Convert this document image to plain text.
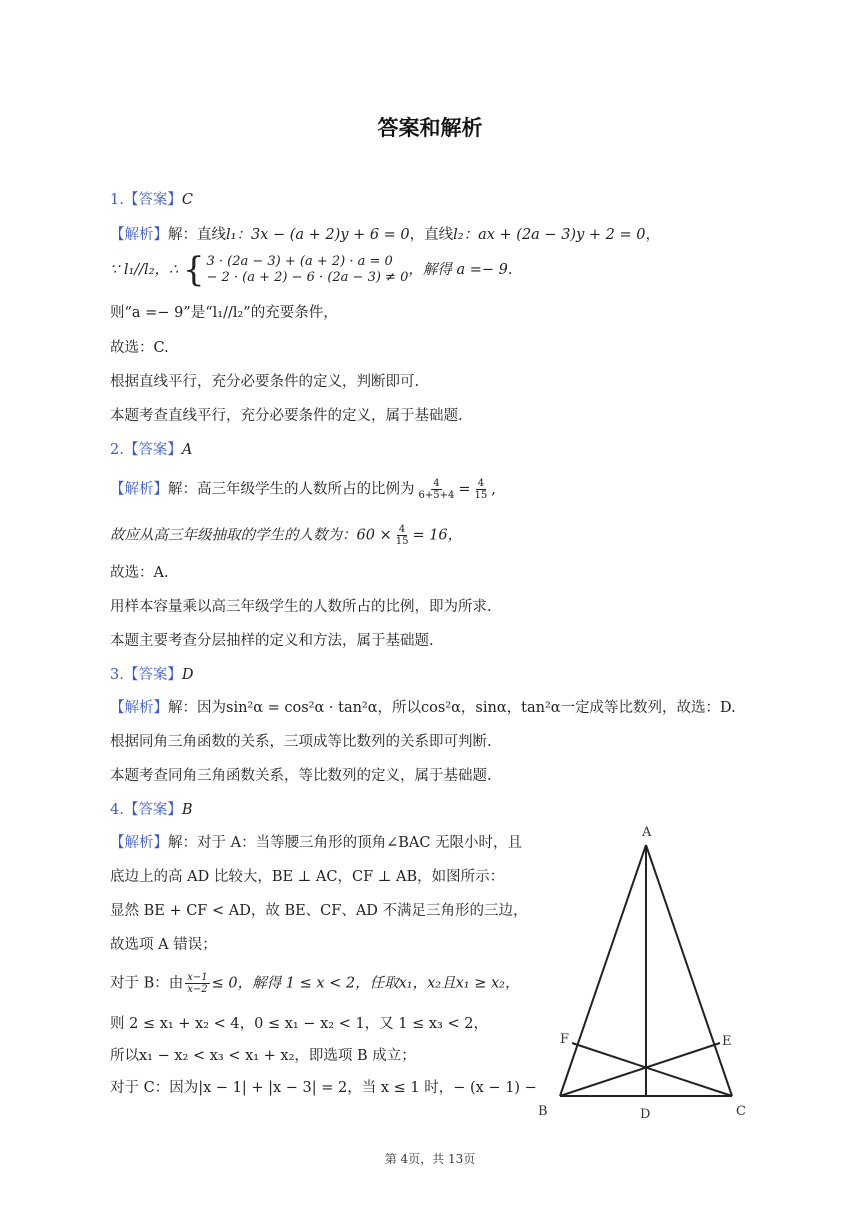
答案和解析
1.【答案】C
【解析】解：直线l₁：3x − (a + 2)y + 6 = 0，直线l₂：ax + (2a − 3)y + 2 = 0，
∵ l₁//l₂，∴ { 3 · (2a − 3) + (a + 2) · a = 0
− 2 · (a + 2) − 6 · (2a − 3) ≠ 0 ，解得 a =− 9.
则“a =− 9”是“l₁//l₂”的充要条件，
故选：C.
根据直线平行，充分必要条件的定义，判断即可.
本题考查直线平行，充分必要条件的定义，属于基础题.
2.【答案】A
【解析】解：高三年级学生的人数所占的比例为 $\frac{4}{6+5+4} = \frac{4}{15}$ ,
故应从高三年级抽取的学生的人数为：$60 \times \frac{4}{15} = 16$，
故选：A.
用样本容量乘以高三年级学生的人数所占的比例，即为所求.
本题主要考查分层抽样的定义和方法，属于基础题.
3.【答案】D
【解析】解：因为sin²α = cos²α · tan²α，所以cos²α，sinα，tan²α一定成等比数列，故选：D.
根据同角三角函数的关系，三项成等比数列的关系即可判断.
本题考查同角三角函数关系，等比数列的定义，属于基础题.
4.【答案】B
【解析】解：对于 A：当等腰三角形的顶角∠BAC 无限小时，且
底边上的高 AD 比较大，BE ⊥ AC，CF ⊥ AB，如图所示：
显然 BE + CF < AD，故 BE、CF、AD 不满足三角形的三边，
故选项 A 错误；
对于 B：由 $\frac{x-1}{x-2} \le 0$，解得 1 ≤ x < 2，任取x₁，x₂且x₁ ≥ x₂，
则 2 ≤ x₁ + x₂ < 4，0 ≤ x₁ − x₂ < 1，又 1 ≤ x₃ < 2，
所以x₁ − x₂ < x₃ < x₁ + x₂，即选项 B 成立；
对于 C：因为|x − 1| + |x − 3| = 2，当 x ≤ 1 时，− (x − 1) −
A
B	C
D
E
F
第 4页，共 13页
